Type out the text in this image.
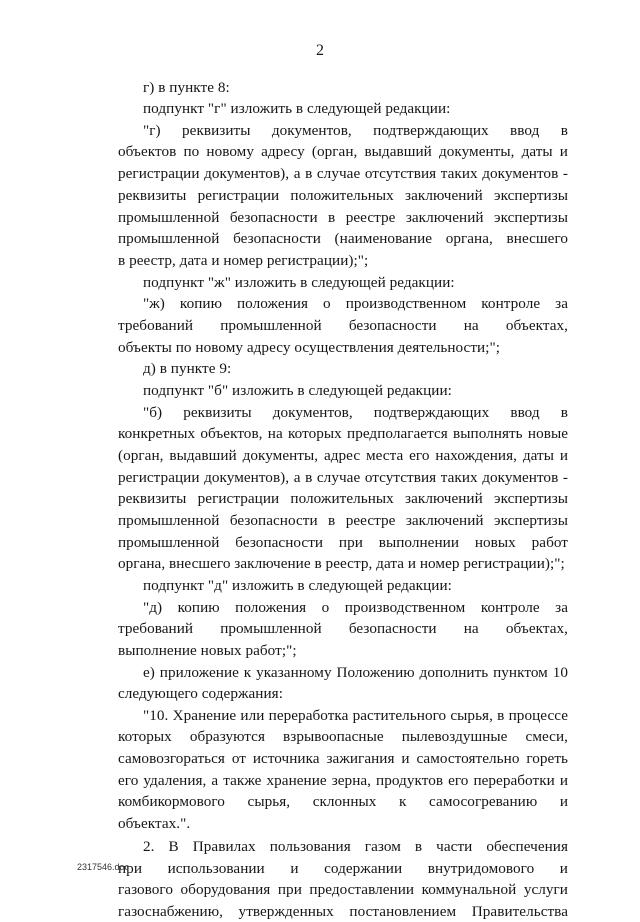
2
г) в пункте 8:
подпункт "г" изложить в следующей редакции:
"г) реквизиты документов, подтверждающих ввод в
объектов по новому адресу (орган, выдавший документы, даты и
регистрации документов), а в случае отсутствия таких документов -
реквизиты регистрации положительных заключений экспертизы
промышленной безопасности в реестре заключений экспертизы
промышленной безопасности (наименование органа, внесшего
в реестр, дата и номер регистрации);";
подпункт "ж" изложить в следующей редакции:
"ж) копию положения о производственном контроле за
требований промышленной безопасности на объектах,
объекты по новому адресу осуществления деятельности;";
д) в пункте 9:
подпункт "б" изложить в следующей редакции:
"б) реквизиты документов, подтверждающих ввод в
конкретных объектов, на которых предполагается выполнять новые
(орган, выдавший документы, адрес места его нахождения, даты и
регистрации документов), а в случае отсутствия таких документов -
реквизиты регистрации положительных заключений экспертизы
промышленной безопасности в реестре заключений экспертизы
промышленной безопасности при выполнении новых работ
органа, внесшего заключение в реестр, дата и номер регистрации);";
подпункт "д" изложить в следующей редакции:
"д) копию положения о производственном контроле за
требований промышленной безопасности на объектах,
выполнение новых работ;";
е) приложение к указанному Положению дополнить пунктом 10
следующего содержания:
"10. Хранение или переработка растительного сырья, в процессе
которых образуются взрывоопасные пылевоздушные смеси,
самовозгораться от источника зажигания и самостоятельно гореть
его удаления, а также хранение зерна, продуктов его переработки и
комбикормового сырья, склонных к самосогреванию и
объектах.".
2. В Правилах пользования газом в части обеспечения
при использовании и содержании внутридомового и
газового оборудования при предоставлении коммунальной услуги
газоснабжению, утвержденных постановлением Правительства
2317546.doc
